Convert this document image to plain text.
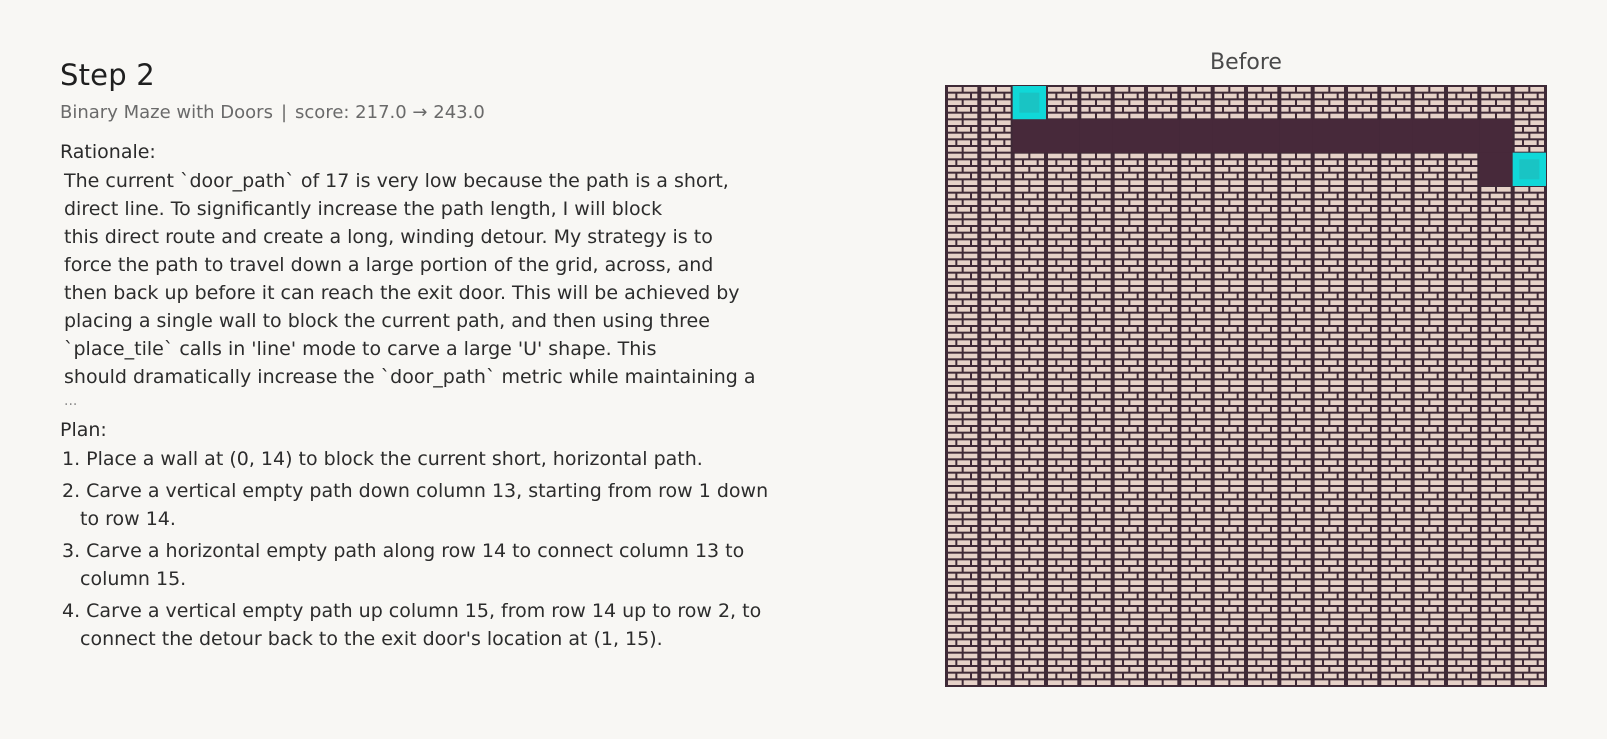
Step 2
Binary Maze with Doors | score: 217.0 → 243.0
Rationale:
The current `door_path` of 17 is very low because the path is a short,
direct line. To significantly increase the path length, I will block
this direct route and create a long, winding detour. My strategy is to
force the path to travel down a large portion of the grid, across, and
then back up before it can reach the exit door. This will be achieved by
placing a single wall to block the current path, and then using three
`place_tile` calls in 'line' mode to carve a large 'U' shape. This
should dramatically increase the `door_path` metric while maintaining a
...
Plan:
1. Place a wall at (0, 14) to block the current short, horizontal path.
2. Carve a vertical empty path down column 13, starting from row 1 down
to row 14.
3. Carve a horizontal empty path along row 14 to connect column 13 to
column 15.
4. Carve a vertical empty path up column 15, from row 14 up to row 2, to
connect the detour back to the exit door's location at (1, 15).
Before
